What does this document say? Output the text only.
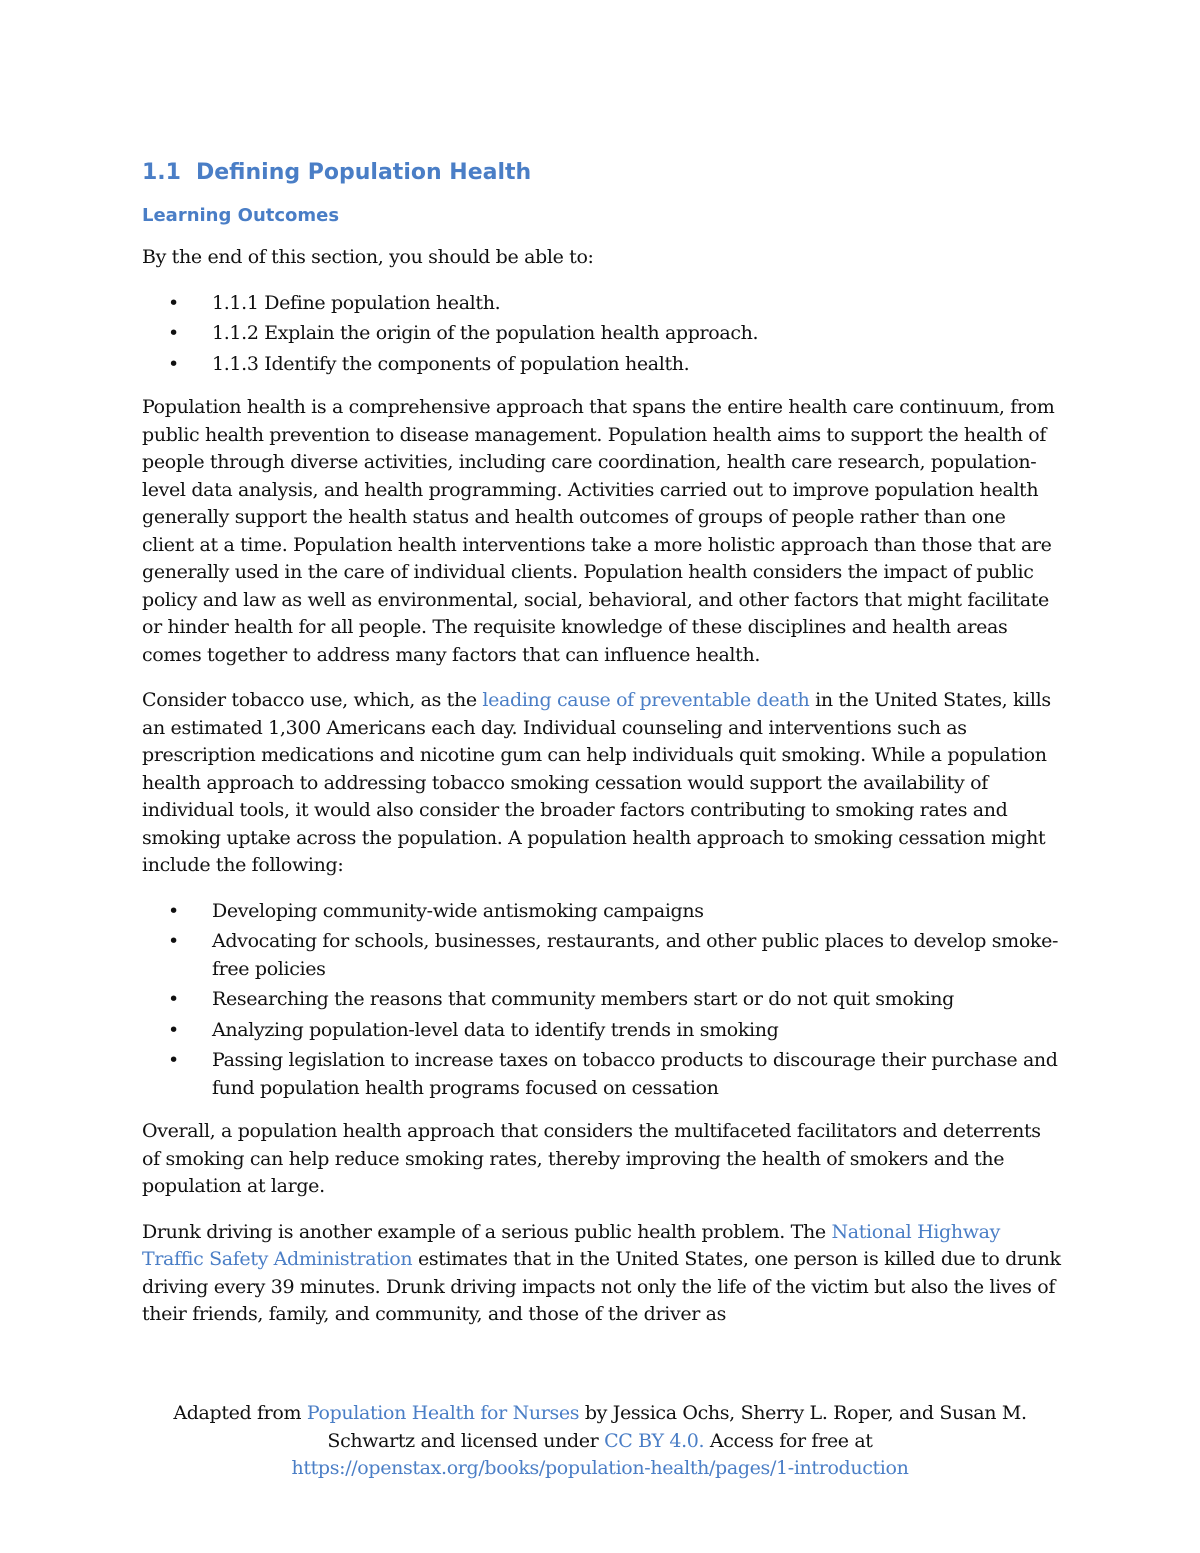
1.1 Defining Population Health
Learning Outcomes

By the end of this section, you should be able to:

• 1.1.1 Define population health.
• 1.1.2 Explain the origin of the population health approach.
• 1.1.3 Identify the components of population health.

Population health is a comprehensive approach that spans the entire health care continuum, from public health prevention to disease management. Population health aims to support the health of people through diverse activities, including care coordination, health care research, population-level data analysis, and health programming. Activities carried out to improve population health generally support the health status and health outcomes of groups of people rather than one client at a time. Population health interventions take a more holistic approach than those that are generally used in the care of individual clients. Population health considers the impact of public policy and law as well as environmental, social, behavioral, and other factors that might facilitate or hinder health for all people. The requisite knowledge of these disciplines and health areas comes together to address many factors that can influence health.

Consider tobacco use, which, as the leading cause of preventable death in the United States, kills an estimated 1,300 Americans each day. Individual counseling and interventions such as prescription medications and nicotine gum can help individuals quit smoking. While a population health approach to addressing tobacco smoking cessation would support the availability of individual tools, it would also consider the broader factors contributing to smoking rates and smoking uptake across the population. A population health approach to smoking cessation might include the following:

• Developing community-wide antismoking campaigns
• Advocating for schools, businesses, restaurants, and other public places to develop smoke-free policies
• Researching the reasons that community members start or do not quit smoking
• Analyzing population-level data to identify trends in smoking
• Passing legislation to increase taxes on tobacco products to discourage their purchase and fund population health programs focused on cessation

Overall, a population health approach that considers the multifaceted facilitators and deterrents of smoking can help reduce smoking rates, thereby improving the health of smokers and the population at large.

Drunk driving is another example of a serious public health problem. The National Highway Traffic Safety Administration estimates that in the United States, one person is killed due to drunk driving every 39 minutes. Drunk driving impacts not only the life of the victim but also the lives of their friends, family, and community, and those of the driver as

Adapted from Population Health for Nurses by Jessica Ochs, Sherry L. Roper, and Susan M. Schwartz and licensed under CC BY 4.0. Access for free at
https://openstax.org/books/population-health/pages/1-introduction
